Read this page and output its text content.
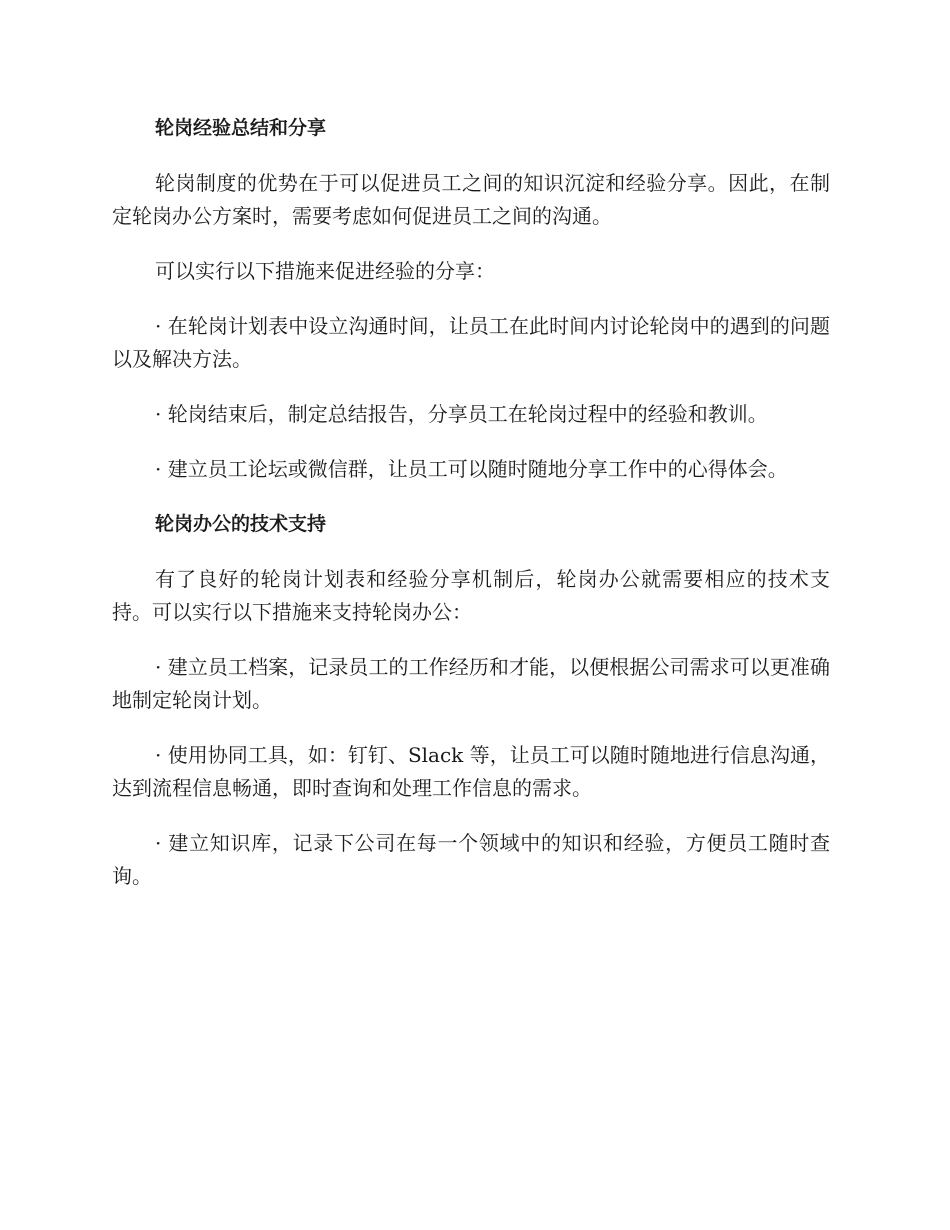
轮岗经验总结和分享

轮岗制度的优势在于可以促进员工之间的知识沉淀和经验分享。因此，在制定轮岗办公方案时，需要考虑如何促进员工之间的沟通。

可以实行以下措施来促进经验的分享：

· 在轮岗计划表中设立沟通时间，让员工在此时间内讨论轮岗中的遇到的问题以及解决方法。

· 轮岗结束后，制定总结报告，分享员工在轮岗过程中的经验和教训。

· 建立员工论坛或微信群，让员工可以随时随地分享工作中的心得体会。

轮岗办公的技术支持

有了良好的轮岗计划表和经验分享机制后，轮岗办公就需要相应的技术支持。可以实行以下措施来支持轮岗办公：

· 建立员工档案，记录员工的工作经历和才能，以便根据公司需求可以更准确地制定轮岗计划。

· 使用协同工具，如：钉钉、Slack 等，让员工可以随时随地进行信息沟通，达到流程信息畅通，即时查询和处理工作信息的需求。

· 建立知识库，记录下公司在每一个领域中的知识和经验，方便员工随时查询。
